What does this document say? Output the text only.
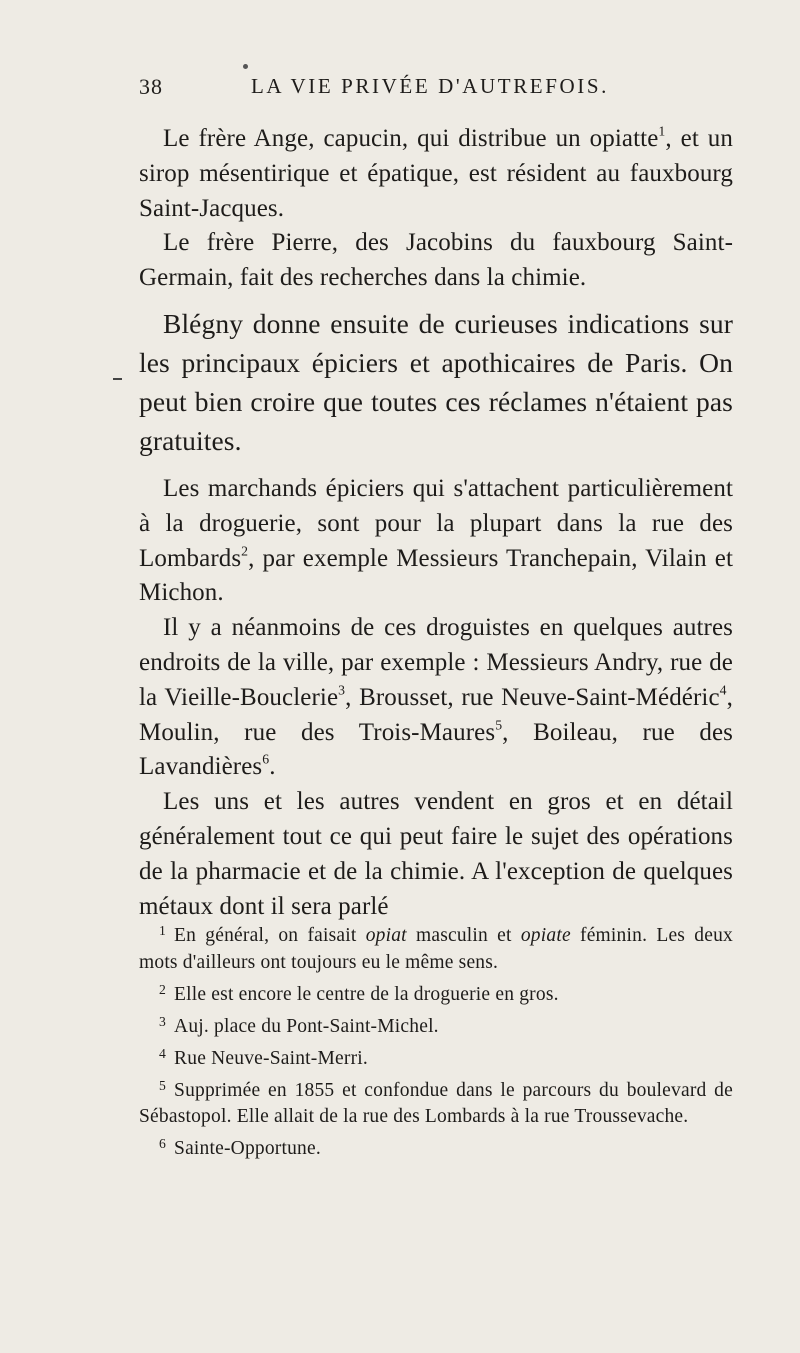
38	LA VIE PRIVÉE D'AUTREFOIS.

Le frère Ange, capucin, qui distribue un opiatte$^1$, et un sirop mésentirique et épatique, est résident au fauxbourg Saint-Jacques.

Le frère Pierre, des Jacobins du fauxbourg Saint-Germain, fait des recherches dans la chimie.

Blégny donne ensuite de curieuses indications sur les principaux épiciers et apothicaires de Paris. On peut bien croire que toutes ces réclames n'étaient pas gratuites.

Les marchands épiciers qui s'attachent particulièrement à la droguerie, sont pour la plupart dans la rue des Lombards$^2$, par exemple Messieurs Tranchepain, Vilain et Michon.

Il y a néanmoins de ces droguistes en quelques autres endroits de la ville, par exemple : Messieurs Andry, rue de la Vieille-Bouclerie$^3$, Brousset, rue Neuve-Saint-Médéric$^4$, Moulin, rue des Trois-Maures$^5$, Boileau, rue des Lavandières$^6$.

Les uns et les autres vendent en gros et en détail généralement tout ce qui peut faire le sujet des opérations de la pharmacie et de la chimie. A l'exception de quelques métaux dont il sera parlé

$^1$ En général, on faisait opiat masculin et opiate féminin. Les deux mots d'ailleurs ont toujours eu le même sens.

$^2$ Elle est encore le centre de la droguerie en gros.

$^3$ Auj. place du Pont-Saint-Michel.

$^4$ Rue Neuve-Saint-Merri.

$^5$ Supprimée en 1855 et confondue dans le parcours du boulevard de Sébastopol. Elle allait de la rue des Lombards à la rue Troussevache.

$^6$ Sainte-Opportune.
